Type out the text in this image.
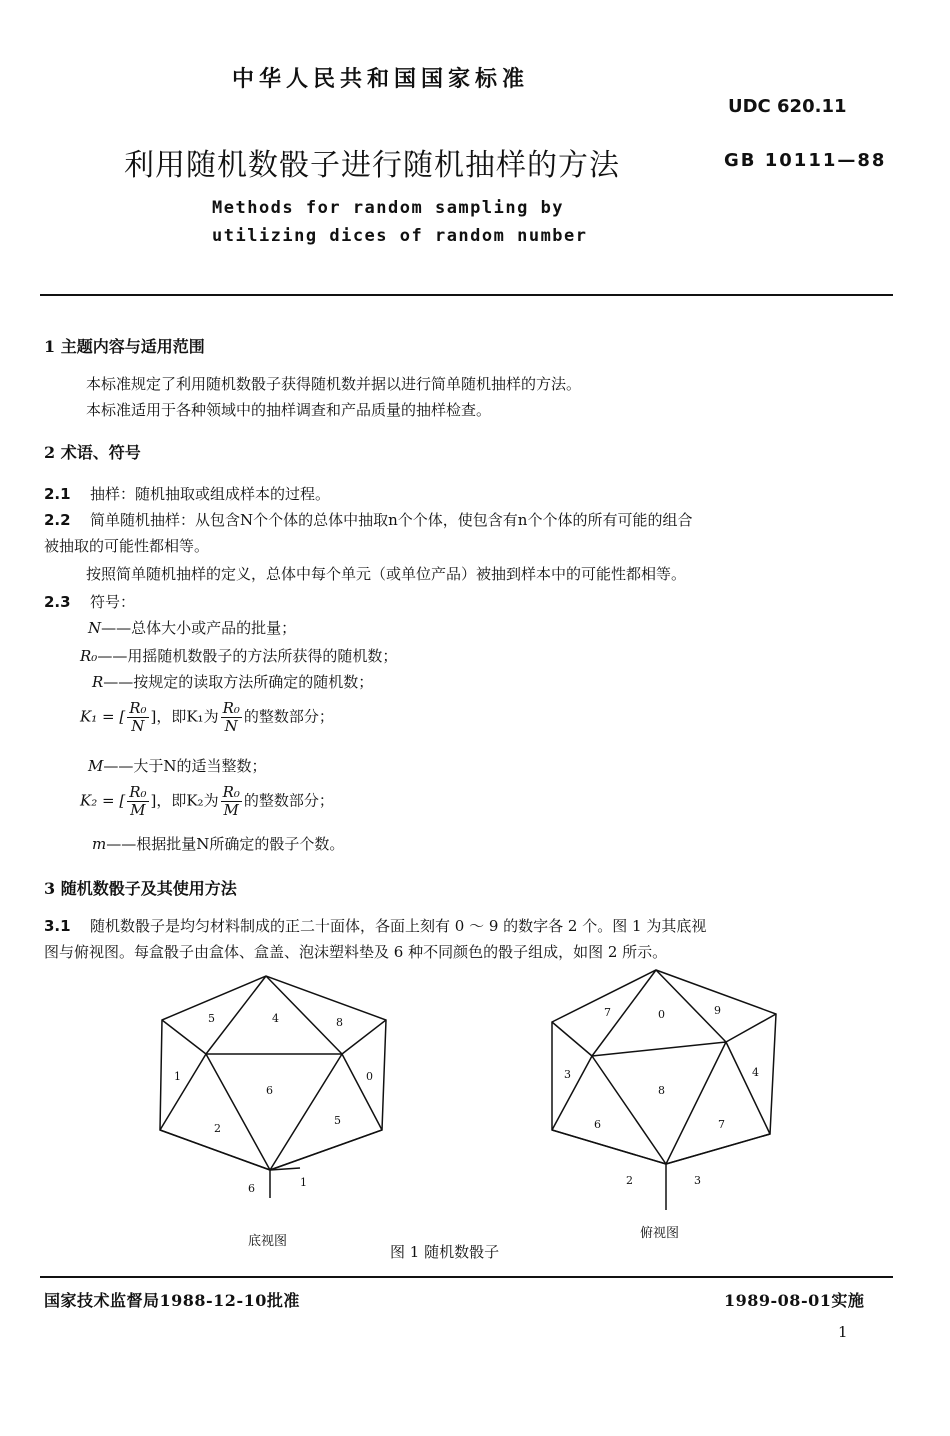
中华人民共和国国家标准
UDC 620.11
利用随机数骰子进行随机抽样的方法	GB 10111—88
Methods for random sampling by
utilizing dices of random number
1 主题内容与适用范围
本标准规定了利用随机数骰子获得随机数并据以进行简单随机抽样的方法。
本标准适用于各种领域中的抽样调查和产品质量的抽样检查。
2 术语、符号
2.1 抽样：随机抽取或组成样本的过程。
2.2 简单随机抽样：从包含N个个体的总体中抽取n个个体，使包含有n个个体的所有可能的组合
被抽取的可能性都相等。
按照简单随机抽样的定义，总体中每个单元（或单位产品）被抽到样本中的可能性都相等。
2.3 符号：
N——总体大小或产品的批量；
R₀——用摇随机数骰子的方法所获得的随机数；
R——按规定的读取方法所确定的随机数；
K₁ = [ $\frac{\text{R₀}}{N}$ ]，即K₁为 $\frac{\text{R₀}}{N}$ 的整数部分；
M——大于N的适当整数；
K₂ = [ $\frac{\text{R₀}}{M}$ ]，即K₂为 $\frac{\text{R₀}}{M}$ 的整数部分；
m——根据批量N所确定的骰子个数。
3 随机数骰子及其使用方法
3.1 随机数骰子是均匀材料制成的正二十面体，各面上刻有 0 ～ 9 的数字各 2 个。图 1 为其底视
图与俯视图。每盒骰子由盒体、盒盖、泡沫塑料垫及 6 种不同颜色的骰子组成，如图 2 所示。
5	4	8
1
6
0
2
5
6	1
底视图
7	0	9
3
8
4
6	7
2	3
俯视图
图 1 随机数骰子
国家技术监督局1988-12-10批准	1989-08-01实施
1
